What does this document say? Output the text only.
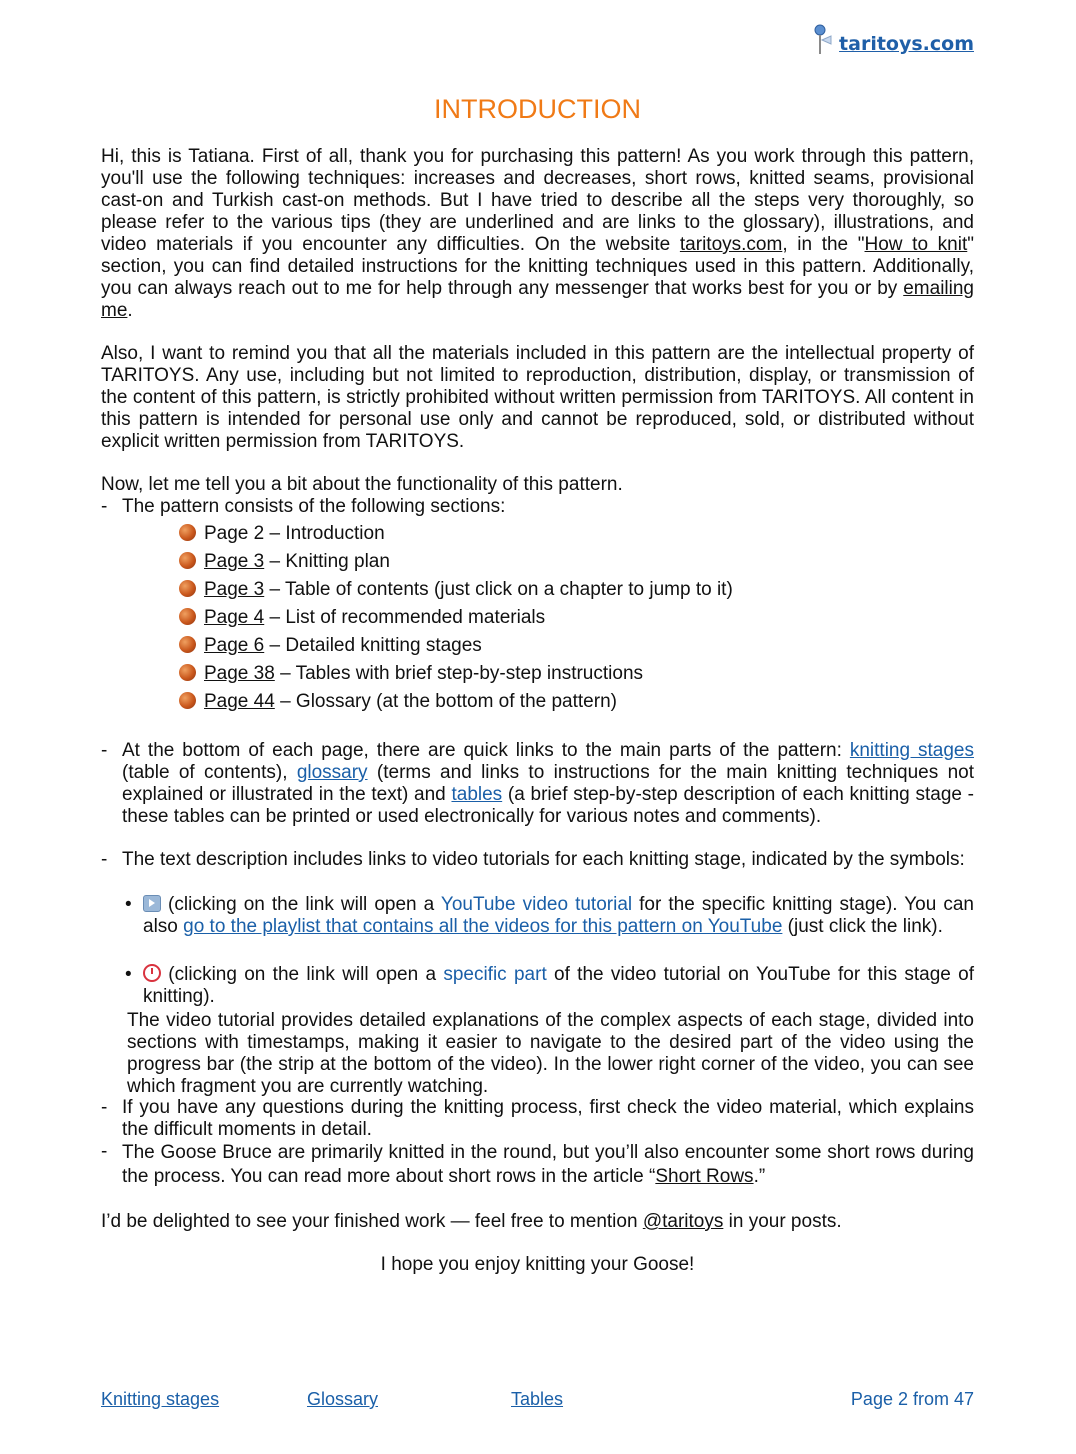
taritoys.com
INTRODUCTION

Hi, this is Tatiana. First of all, thank you for purchasing this pattern! As you work through this pattern, you'll use the following techniques: increases and decreases, short rows, knitted seams, provisional cast-on and Turkish cast-on methods. But I have tried to describe all the steps very thoroughly, so please refer to the various tips (they are underlined and are links to the glossary), illustrations, and video materials if you encounter any difficulties. On the website taritoys.com, in the "How to knit" section, you can find detailed instructions for the knitting techniques used in this pattern. Additionally, you can always reach out to me for help through any messenger that works best for you or by emailing me.

Also, I want to remind you that all the materials included in this pattern are the intellectual property of TARITOYS. Any use, including but not limited to reproduction, distribution, display, or transmission of the content of this pattern, is strictly prohibited without written permission from TARITOYS. All content in this pattern is intended for personal use only and cannot be reproduced, sold, or distributed without explicit written permission from TARITOYS.

Now, let me tell you a bit about the functionality of this pattern.

- The pattern consists of the following sections:
Page 2 – Introduction
Page 3 – Knitting plan
Page 3 – Table of contents (just click on a chapter to jump to it)
Page 4 – List of recommended materials
Page 6 – Detailed knitting stages
Page 38 – Tables with brief step-by-step instructions
Page 44 – Glossary (at the bottom of the pattern)
- At the bottom of each page, there are quick links to the main parts of the pattern: knitting stages (table of contents), glossary (terms and links to instructions for the main knitting techniques not explained or illustrated in the text) and tables (a brief step-by-step description of each knitting stage - these tables can be printed or used electronically for various notes and comments).
- The text description includes links to video tutorials for each knitting stage, indicated by the symbols:
•	(clicking on the link will open a YouTube video tutorial for the specific knitting stage). You can also go to the playlist that contains all the videos for this pattern on YouTube (just click the link).
•	(clicking on the link will open a specific part of the video tutorial on YouTube for this stage of knitting).

The video tutorial provides detailed explanations of the complex aspects of each stage, divided into sections with timestamps, making it easier to navigate to the desired part of the video using the progress bar (the strip at the bottom of the video). In the lower right corner of the video, you can see which fragment you are currently watching.

- If you have any questions during the knitting process, first check the video material, which explains the difficult moments in detail.
- The Goose Bruce are primarily knitted in the round, but you’ll also encounter some short rows during the process. You can read more about short rows in the article “Short Rows.”

I’d be delighted to see your finished work — feel free to mention @taritoys in your posts.

I hope you enjoy knitting your Goose!
Knitting stages	Glossary	Tables	Page 2 from 47
